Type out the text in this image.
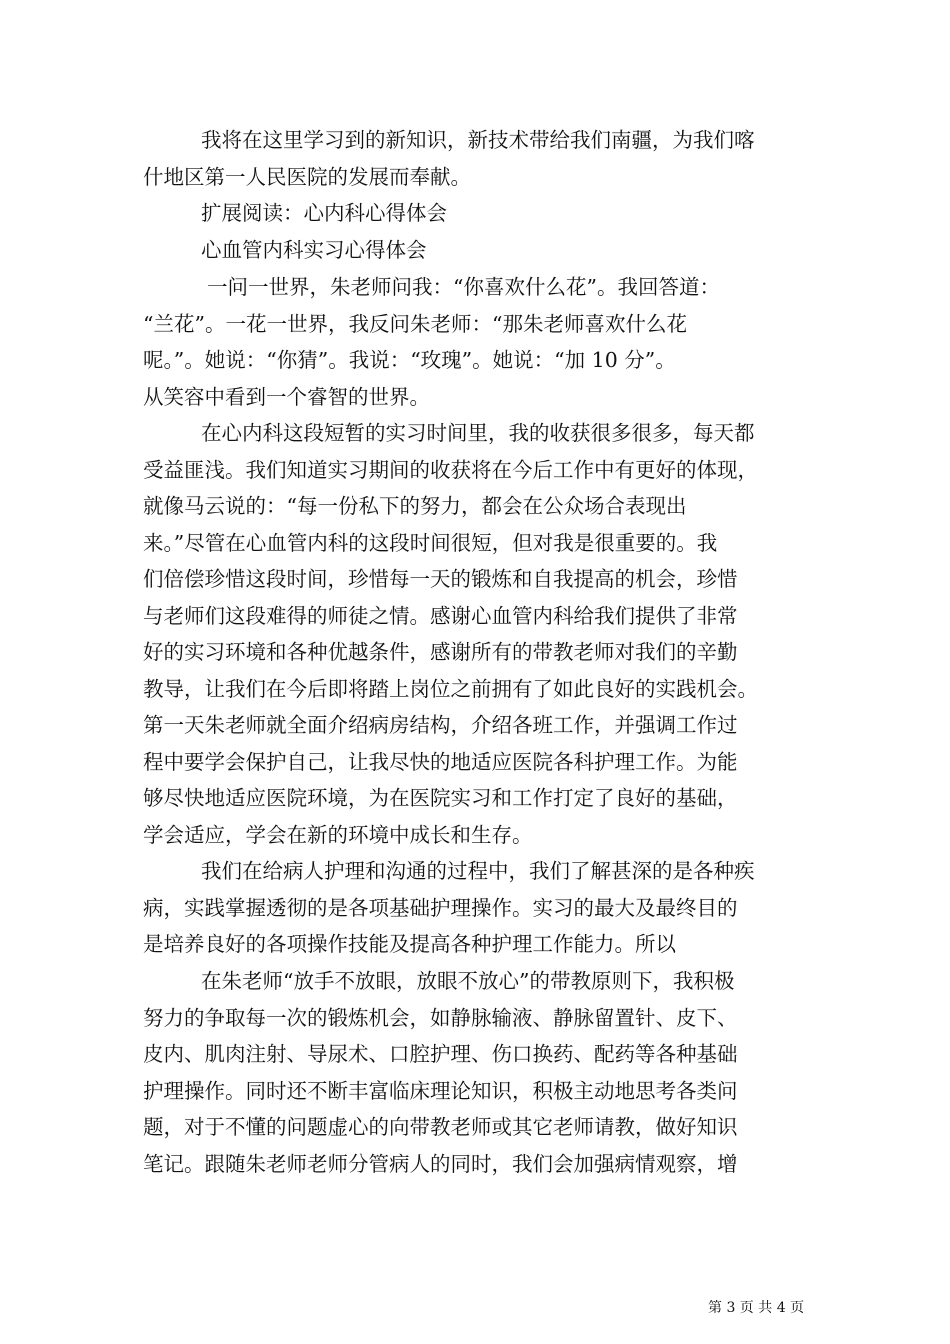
我将在这里学习到的新知识，新技术带给我们南疆，为我们喀
什地区第一人民医院的发展而奉献。
扩展阅读：心内科心得体会
心血管内科实习心得体会
一问一世界，朱老师问我：“你喜欢什么花”。我回答道：
“兰花”。一花一世界，我反问朱老师：“那朱老师喜欢什么花
呢。”。她说：“你猜”。我说：“玫瑰”。她说：“加 10 分”。
从笑容中看到一个睿智的世界。
在心内科这段短暂的实习时间里，我的收获很多很多，每天都
受益匪浅。我们知道实习期间的收获将在今后工作中有更好的体现，
就像马云说的：“每一份私下的努力，都会在公众场合表现出
来。”尽管在心血管内科的这段时间很短，但对我是很重要的。我
们倍偿珍惜这段时间，珍惜每一天的锻炼和自我提高的机会，珍惜
与老师们这段难得的师徒之情。感谢心血管内科给我们提供了非常
好的实习环境和各种优越条件，感谢所有的带教老师对我们的辛勤
教导，让我们在今后即将踏上岗位之前拥有了如此良好的实践机会。
第一天朱老师就全面介绍病房结构，介绍各班工作，并强调工作过
程中要学会保护自己，让我尽快的地适应医院各科护理工作。为能
够尽快地适应医院环境，为在医院实习和工作打定了良好的基础，
学会适应，学会在新的环境中成长和生存。
我们在给病人护理和沟通的过程中，我们了解甚深的是各种疾
病，实践掌握透彻的是各项基础护理操作。实习的最大及最终目的
是培养良好的各项操作技能及提高各种护理工作能力。所以
在朱老师“放手不放眼，放眼不放心”的带教原则下，我积极
努力的争取每一次的锻炼机会，如静脉输液、静脉留置针、皮下、
皮内、肌肉注射、导尿术、口腔护理、伤口换药、配药等各种基础
护理操作。同时还不断丰富临床理论知识，积极主动地思考各类问
题，对于不懂的问题虚心的向带教老师或其它老师请教，做好知识
笔记。跟随朱老师老师分管病人的同时，我们会加强病情观察，增
第 3 页 共 4 页
